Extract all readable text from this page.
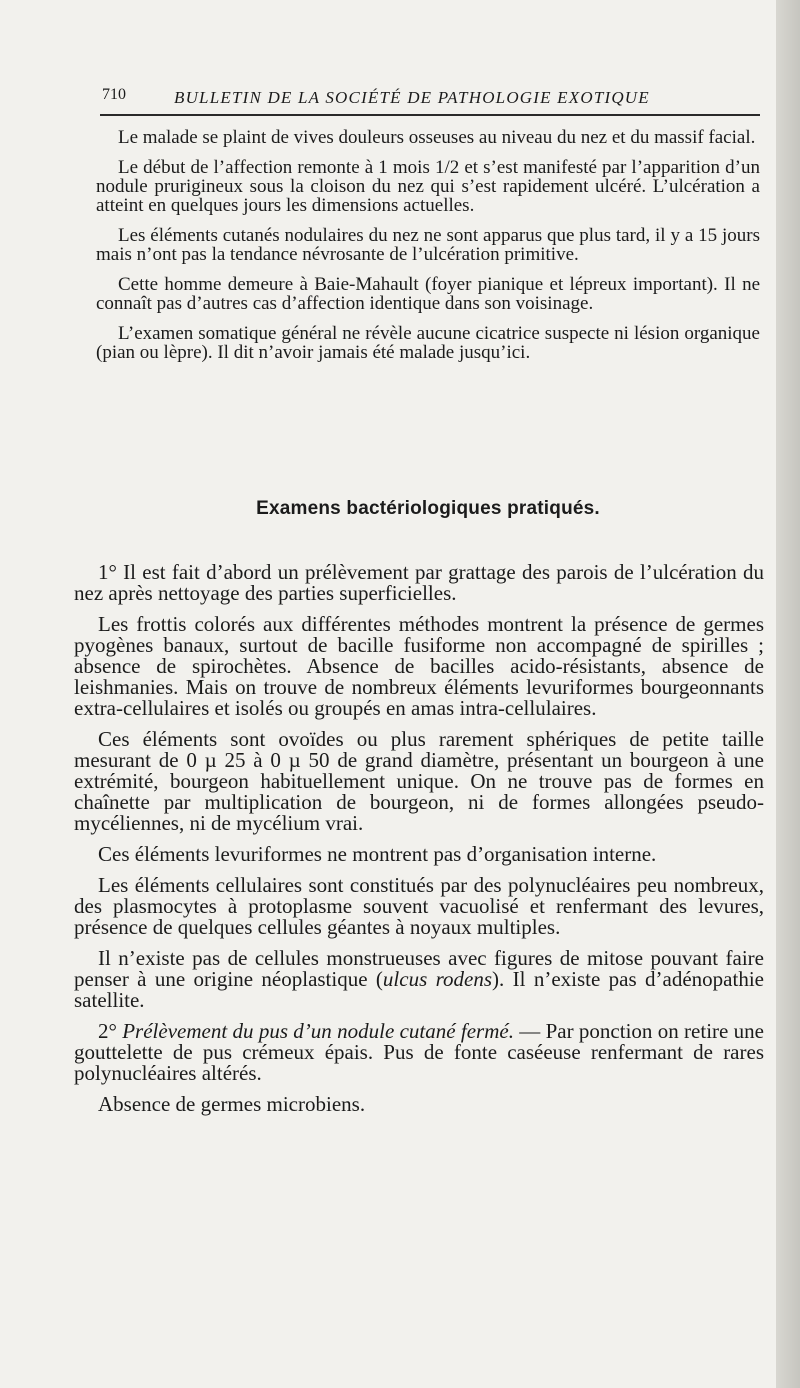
710	BULLETIN DE LA SOCIÉTÉ DE PATHOLOGIE EXOTIQUE

Le malade se plaint de vives douleurs osseuses au niveau du nez et du massif facial.

Le début de l’affection remonte à 1 mois 1/2 et s’est manifesté par l’apparition d’un nodule prurigineux sous la cloison du nez qui s’est rapidement ulcéré. L’ulcération a atteint en quelques jours les dimensions actuelles.

Les éléments cutanés nodulaires du nez ne sont apparus que plus tard, il y a 15 jours mais n’ont pas la tendance névrosante de l’ulcération primitive.

Cette homme demeure à Baie-Mahault (foyer pianique et lépreux important). Il ne connaît pas d’autres cas d’affection identique dans son voisinage.

L’examen somatique général ne révèle aucune cicatrice suspecte ni lésion organique (pian ou lèpre). Il dit n’avoir jamais été malade jusqu’ici.

Examens bactériologiques pratiqués.

1° Il est fait d’abord un prélèvement par grattage des parois de l’ulcération du nez après nettoyage des parties superficielles.

Les frottis colorés aux différentes méthodes montrent la présence de germes pyogènes banaux, surtout de bacille fusiforme non accompagné de spirilles ; absence de spirochètes. Absence de bacilles acido-résistants, absence de leishmanies. Mais on trouve de nombreux éléments levuriformes bourgeonnants extra-cellulaires et isolés ou groupés en amas intra-cellulaires.

Ces éléments sont ovoïdes ou plus rarement sphériques de petite taille mesurant de 0 µ 25 à 0 µ 50 de grand diamètre, présentant un bourgeon à une extrémité, bourgeon habituellement unique. On ne trouve pas de formes en chaînette par multiplication de bourgeon, ni de formes allongées pseudo-mycéliennes, ni de mycélium vrai.

Ces éléments levuriformes ne montrent pas d’organisation interne.

Les éléments cellulaires sont constitués par des polynucléaires peu nombreux, des plasmocytes à protoplasme souvent vacuolisé et renfermant des levures, présence de quelques cellules géantes à noyaux multiples.

Il n’existe pas de cellules monstrueuses avec figures de mitose pouvant faire penser à une origine néoplastique (ulcus rodens). Il n’existe pas d’adénopathie satellite.

2° Prélèvement du pus d’un nodule cutané fermé. — Par ponction on retire une gouttelette de pus crémeux épais. Pus de fonte caséeuse renfermant de rares polynucléaires altérés.

Absence de germes microbiens.
